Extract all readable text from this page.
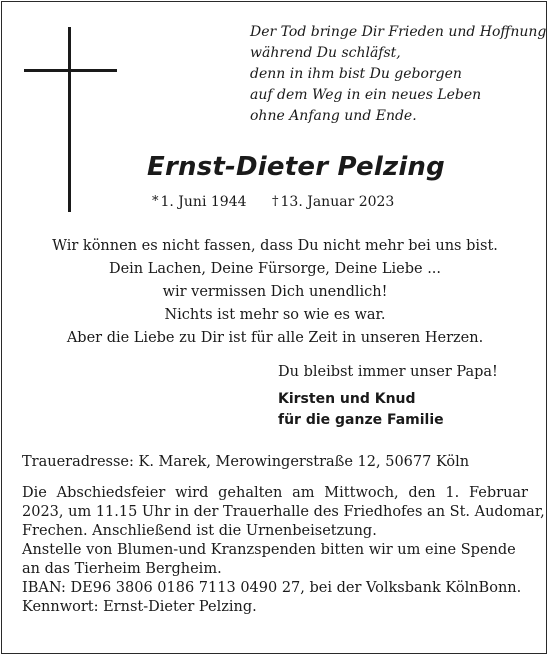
Der Tod bringe Dir Frieden und Hoffnung
während Du schläfst,
denn in ihm bist Du geborgen
auf dem Weg in ein neues Leben
ohne Anfang und Ende.

Ernst-Dieter Pelzing
* 1. Juni 1944 † 13. Januar 2023

Wir können es nicht fassen, dass Du nicht mehr bei uns bist.
Dein Lachen, Deine Fürsorge, Deine Liebe ...
wir vermissen Dich unendlich!
Nichts ist mehr so wie es war.
Aber die Liebe zu Dir ist für alle Zeit in unseren Herzen.

Du bleibst immer unser Papa!
Kirsten und Knud
für die ganze Familie
Traueradresse: K. Marek, Merowingerstraße 12, 50677 Köln

Die Abschiedsfeier wird gehalten am Mittwoch, den 1. Februar
2023, um 11.15 Uhr in der Trauerhalle des Friedhofes an St. Audomar,
Frechen. Anschließend ist die Urnenbeisetzung.
Anstelle von Blumen-und Kranzspenden bitten wir um eine Spende
an das Tierheim Bergheim.
IBAN: DE96 3806 0186 7113 0490 27, bei der Volksbank KölnBonn.
Kennwort: Ernst-Dieter Pelzing.
